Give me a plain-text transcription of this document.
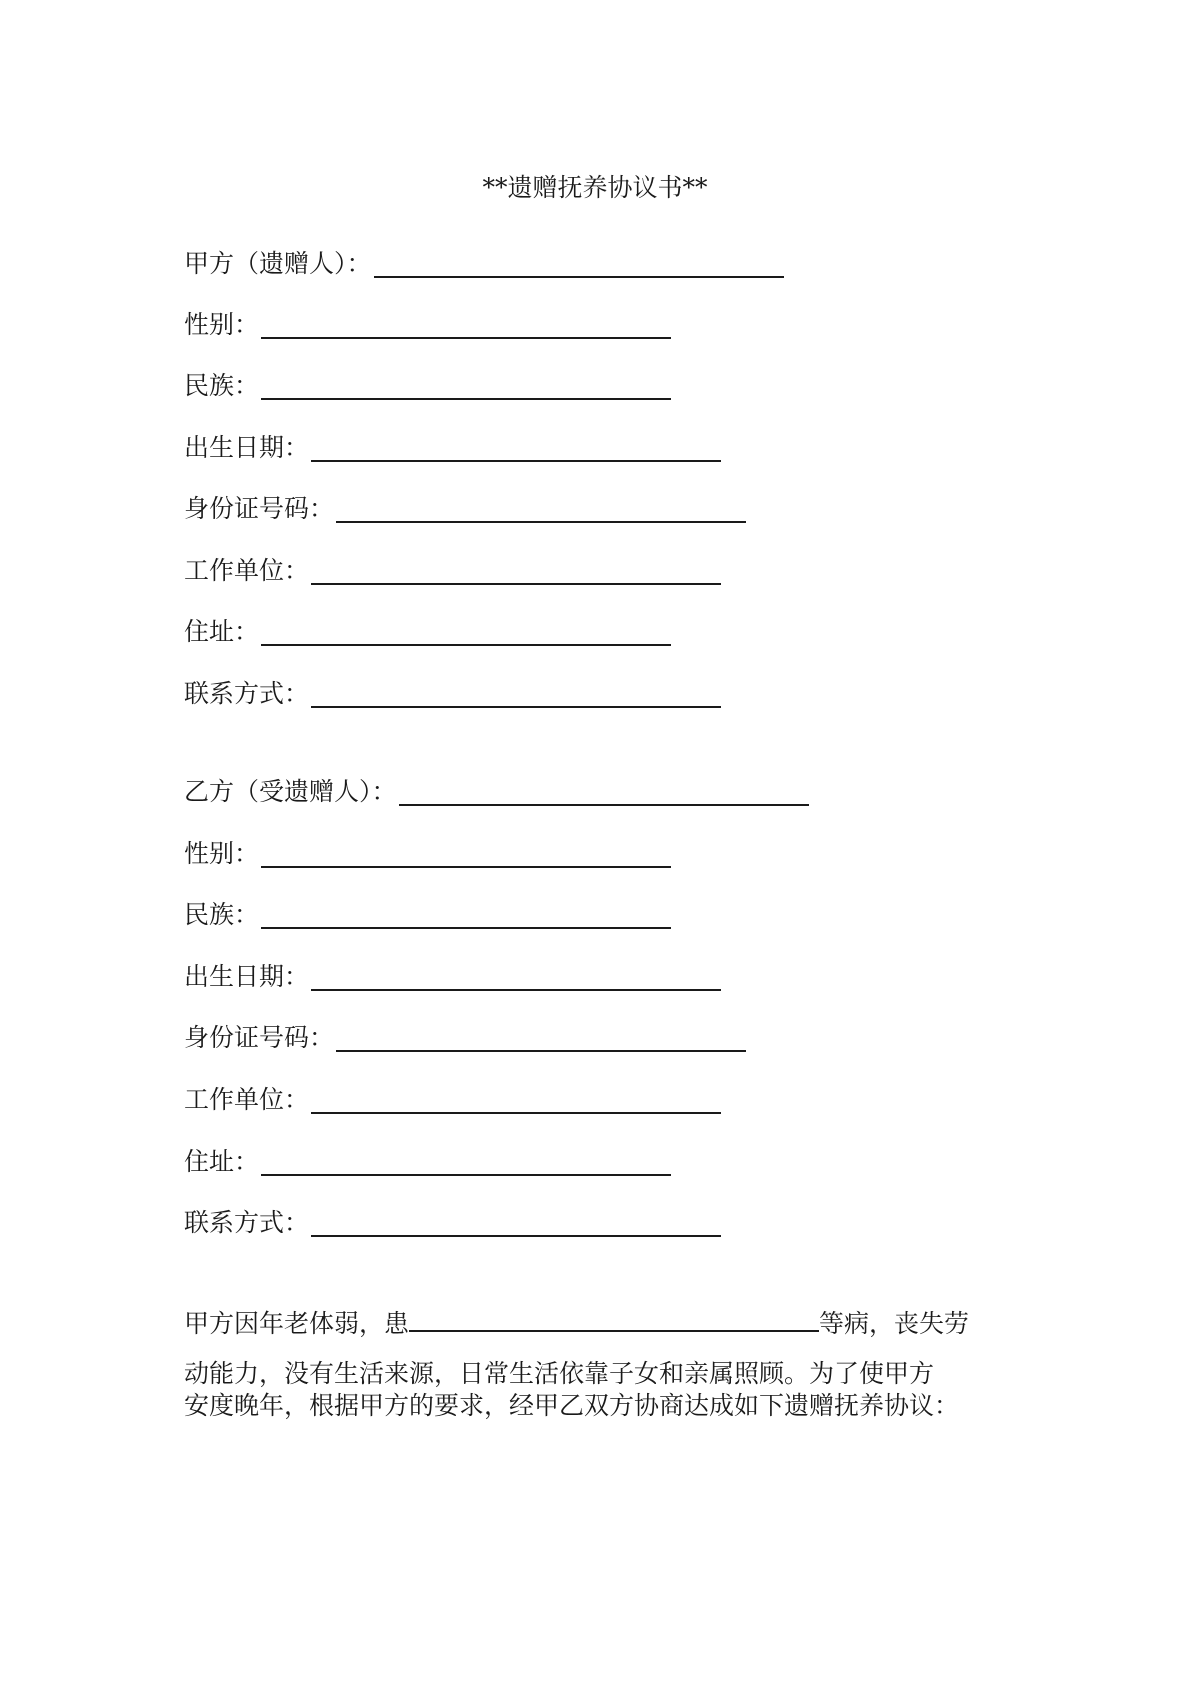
**遗赠抚养协议书**
甲方（遗赠人）：
性别：
民族：
出生日期：
身份证号码：
工作单位：
住址：
联系方式：
乙方（受遗赠人）：
性别：
民族：
出生日期：
身份证号码：
工作单位：
住址：
联系方式：
甲方因年老体弱，患	等病，丧失劳
动能力，没有生活来源，日常生活依靠子女和亲属照顾。为了使甲方
安度晚年，根据甲方的要求，经甲乙双方协商达成如下遗赠抚养协议：
